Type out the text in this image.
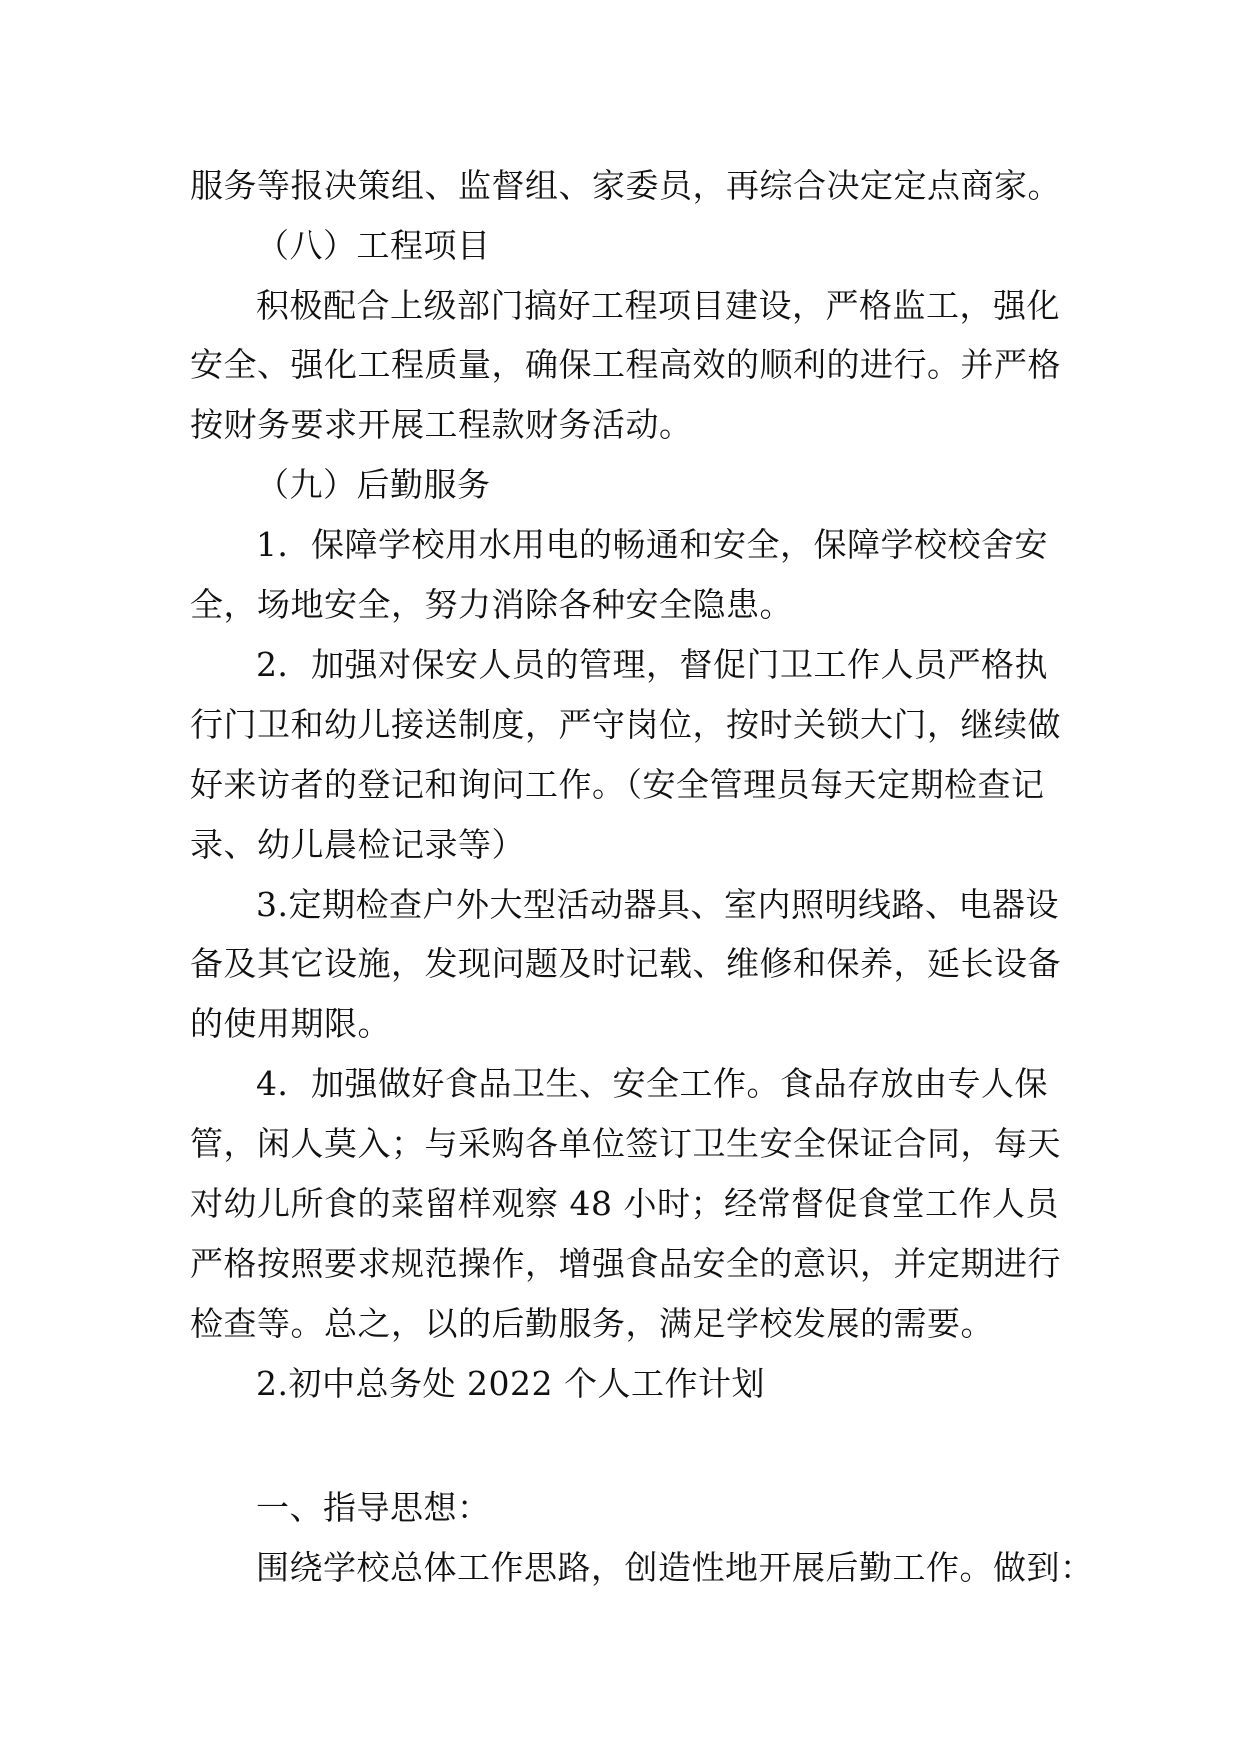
服务等报决策组、监督组、家委员，再综合决定定点商家。
（八）工程项目
积极配合上级部门搞好工程项目建设，严格监工，强化
安全、强化工程质量，确保工程高效的顺利的进行。并严格
按财务要求开展工程款财务活动。
（九）后勤服务
1．保障学校用水用电的畅通和安全，保障学校校舍安
全，场地安全，努力消除各种安全隐患。
2．加强对保安人员的管理，督促门卫工作人员严格执
行门卫和幼儿接送制度，严守岗位，按时关锁大门，继续做
好来访者的登记和询问工作。（安全管理员每天定期检查记
录、幼儿晨检记录等）
3.定期检查户外大型活动器具、室内照明线路、电器设
备及其它设施，发现问题及时记载、维修和保养，延长设备
的使用期限。
4．加强做好食品卫生、安全工作。食品存放由专人保
管，闲人莫入；与采购各单位签订卫生安全保证合同，每天
对幼儿所食的菜留样观察 48 小时；经常督促食堂工作人员
严格按照要求规范操作，增强食品安全的意识，并定期进行
检查等。总之，以的后勤服务，满足学校发展的需要。
2.初中总务处 2022 个人工作计划
一、指导思想：
围绕学校总体工作思路，创造性地开展后勤工作。做到：
